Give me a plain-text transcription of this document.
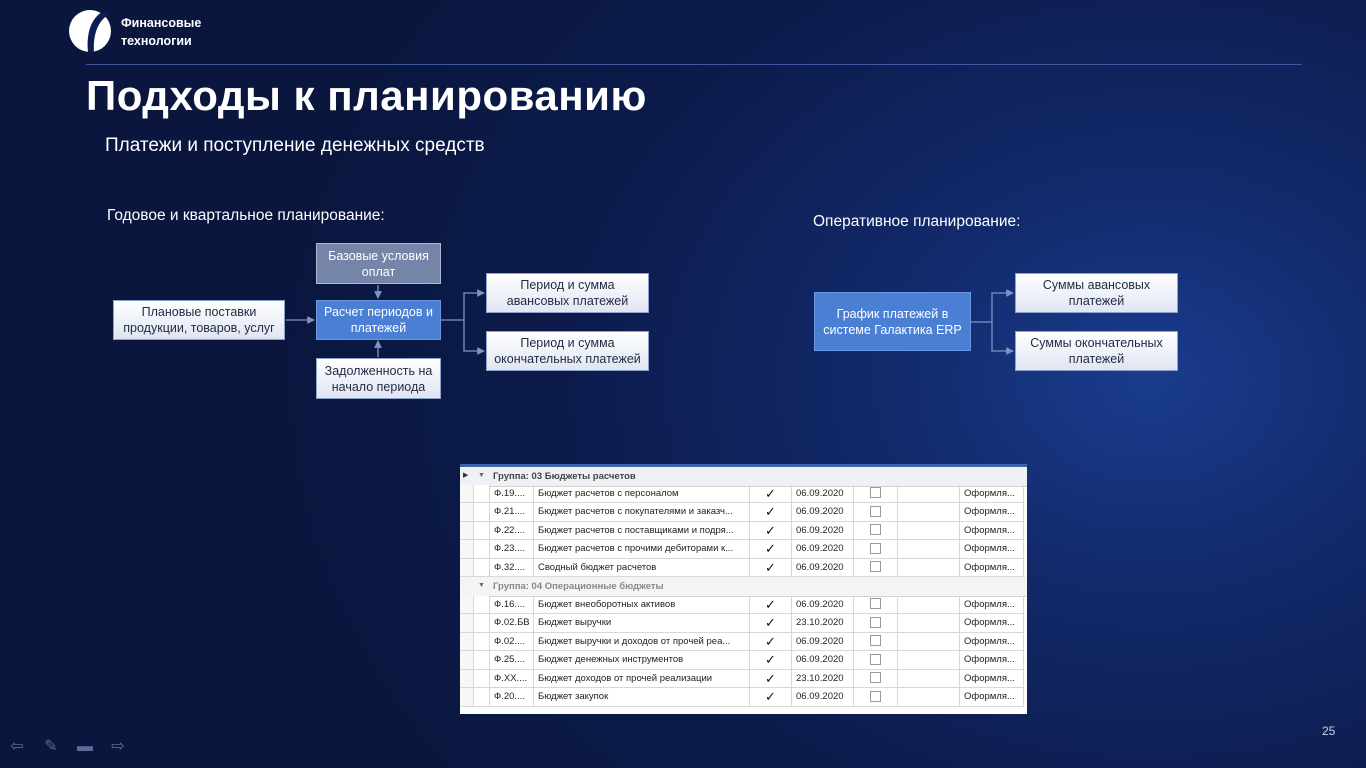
Финансовые
технологии
Подходы к планированию
Платежи и поступление денежных средств
Годовое и квартальное планирование:	Оперативное планирование:
Плановые поставки продукции, товаров, услуг
Базовые условия оплат
Расчет периодов и платежей
Задолженность на начало периода
Период и сумма авансовых платежей
Период и сумма окончательных платежей
График платежей в системе Галактика ERP
Суммы авансовых платежей
Суммы окончательных платежей
▶ ▼ Группа: 03 Бюджеты расчетов
Ф.19....	Бюджет расчетов с персоналом	✓	06.09.2020	Оформля...
Ф.21....	Бюджет расчетов с покупателями и заказч...	✓	06.09.2020	Оформля...
Ф.22....	Бюджет расчетов с поставщиками и подря...	✓	06.09.2020	Оформля...
Ф.23....	Бюджет расчетов с прочими дебиторами к...	✓	06.09.2020	Оформля...
Ф.32....	Сводный бюджет расчетов	✓	06.09.2020	Оформля...
▼ Группа: 04 Операционные бюджеты
Ф.16....	Бюджет внеоборотных активов	✓	06.09.2020	Оформля...
Ф.02.БВ Бюджет выручки	✓	23.10.2020	Оформля...
Ф.02....	Бюджет выручки и доходов от прочей реа...	✓	06.09.2020	Оформля...
Ф.25....	Бюджет денежных инструментов	✓	06.09.2020	Оформля...
Ф.XX....	Бюджет доходов от прочей реализации	✓	23.10.2020	Оформля...
Ф.20....	Бюджет закупок	✓	06.09.2020	Оформля...
25
⇦ ✎ ▬ ⇨
